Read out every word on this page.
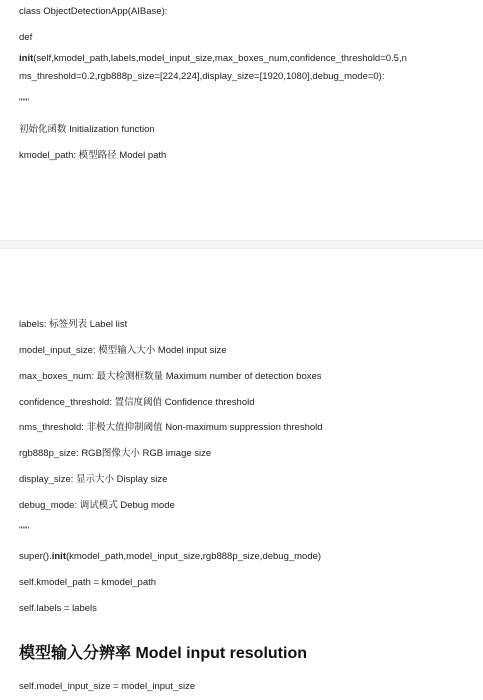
class ObjectDetectionApp(AIBase):
def
init(self,kmodel_path,labels,model_input_size,max_boxes_num,confidence_threshold=0.5,n
ms_threshold=0.2,rgb888p_size=[224,224],display_size=[1920,1080],debug_mode=0):
"""
初始化函数 Initialization function
kmodel_path: 模型路径 Model path
labels: 标签列表 Label list
model_input_size: 模型输入大小 Model input size
max_boxes_num: 最大检测框数量 Maximum number of detection boxes
confidence_threshold: 置信度阈值 Confidence threshold
nms_threshold: 非极大值抑制阈值 Non-maximum suppression threshold
rgb888p_size: RGB图像大小 RGB image size
display_size: 显示大小 Display size
debug_mode: 调试模式 Debug mode
"""
super().init(kmodel_path,model_input_size,rgb888p_size,debug_mode)
self.kmodel_path = kmodel_path
self.labels = labels
模型输入分辨率 Model input resolution
self.model_input_size = model_input_size
